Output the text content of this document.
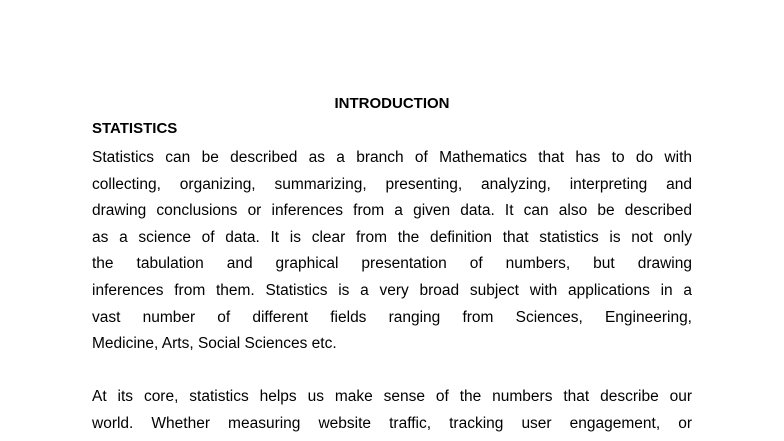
INTRODUCTION
STATISTICS
Statistics can be described as a branch of Mathematics that has to do with
collecting, organizing, summarizing, presenting, analyzing, interpreting and
drawing conclusions or inferences from a given data. It can also be described
as a science of data. It is clear from the definition that statistics is not only
the tabulation and graphical presentation of numbers, but drawing
inferences from them. Statistics is a very broad subject with applications in a
vast number of different fields ranging from Sciences, Engineering,
Medicine, Arts, Social Sciences etc.
At its core, statistics helps us make sense of the numbers that describe our
world. Whether measuring website traffic, tracking user engagement, or
